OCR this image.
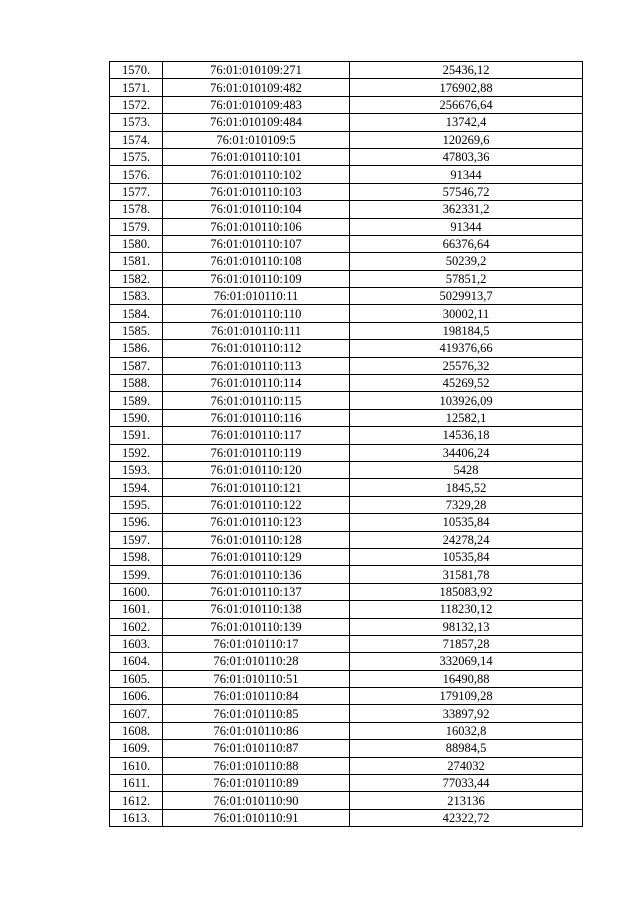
1570.	76:01:010109:271	25436,12
1571.	76:01:010109:482	176902,88
1572.	76:01:010109:483	256676,64
1573.	76:01:010109:484	13742,4
1574.	76:01:010109:5	120269,6
1575.	76:01:010110:101	47803,36
1576.	76:01:010110:102	91344
1577.	76:01:010110:103	57546,72
1578.	76:01:010110:104	362331,2
1579.	76:01:010110:106	91344
1580.	76:01:010110:107	66376,64
1581.	76:01:010110:108	50239,2
1582.	76:01:010110:109	57851,2
1583.	76:01:010110:11	5029913,7
1584.	76:01:010110:110	30002,11
1585.	76:01:010110:111	198184,5
1586.	76:01:010110:112	419376,66
1587.	76:01:010110:113	25576,32
1588.	76:01:010110:114	45269,52
1589.	76:01:010110:115	103926,09
1590.	76:01:010110:116	12582,1
1591.	76:01:010110:117	14536,18
1592.	76:01:010110:119	34406,24
1593.	76:01:010110:120	5428
1594.	76:01:010110:121	1845,52
1595.	76:01:010110:122	7329,28
1596.	76:01:010110:123	10535,84
1597.	76:01:010110:128	24278,24
1598.	76:01:010110:129	10535,84
1599.	76:01:010110:136	31581,78
1600.	76:01:010110:137	185083,92
1601.	76:01:010110:138	118230,12
1602.	76:01:010110:139	98132,13
1603.	76:01:010110:17	71857,28
1604.	76:01:010110:28	332069,14
1605.	76:01:010110:51	16490,88
1606.	76:01:010110:84	179109,28
1607.	76:01:010110:85	33897,92
1608.	76:01:010110:86	16032,8
1609.	76:01:010110:87	88984,5
1610.	76:01:010110:88	274032
1611.	76:01:010110:89	77033,44
1612.	76:01:010110:90	213136
1613.	76:01:010110:91	42322,72
